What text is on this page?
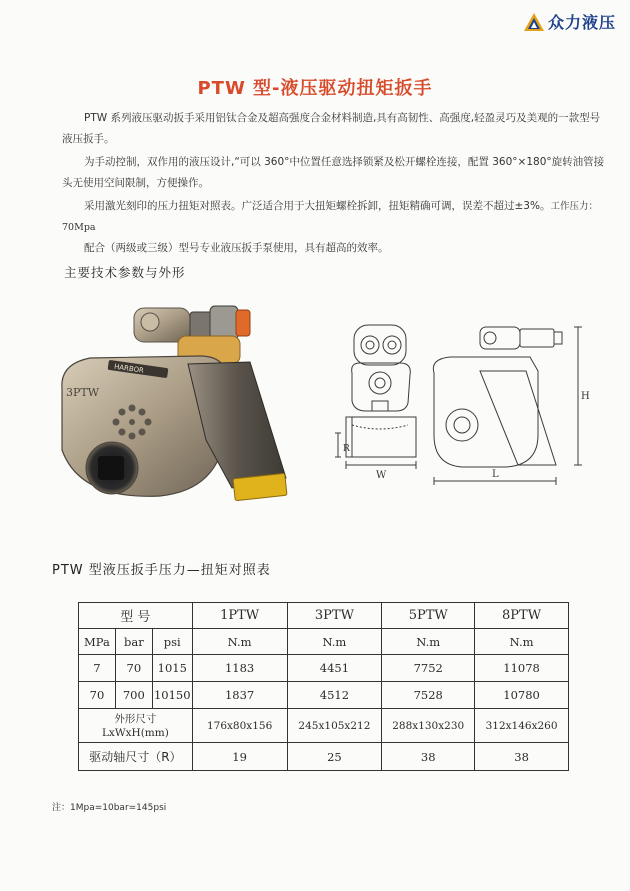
众力液压
PTW 型-液压驱动扭矩扳手
PTW 系列液压驱动扳手采用铝钛合金及超高强度合金材料制造,具有高韧性、高强度,轻盈灵巧及美观的一款型号液压扳手。
为手动控制，双作用的液压设计,“可以 360°中位置任意选择锁紧及松开螺栓连接，配置 360°×180°旋转油管接头无使用空间限制，方便操作。
采用激光刻印的压力扭矩对照表。广泛适合用于大扭矩螺栓拆卸，扭矩精确可调，误差不超过±3%。工作压力：70Mpa
配合（两级或三级）型号专业液压扳手泵使用，具有超高的效率。
主要技术参数与外形
HARBOR
3PTW
W
R
L
H
PTW 型液压扳手压力—扭矩对照表
型 号			1PTW	3PTW	5PTW	8PTW
MPa	bar	psi	N.m	N.m	N.m	N.m
7	70	1015	1183	4451	7752	11078
70	700	10150	1837	4512	7528	10780

外形尺寸
LxWxH(mm)			176x80x156	245x105x212	288x130x230	312x146x260
驱动轴尺寸（R）			19	25	38	38
注：1Mpa=10bar=145psi
